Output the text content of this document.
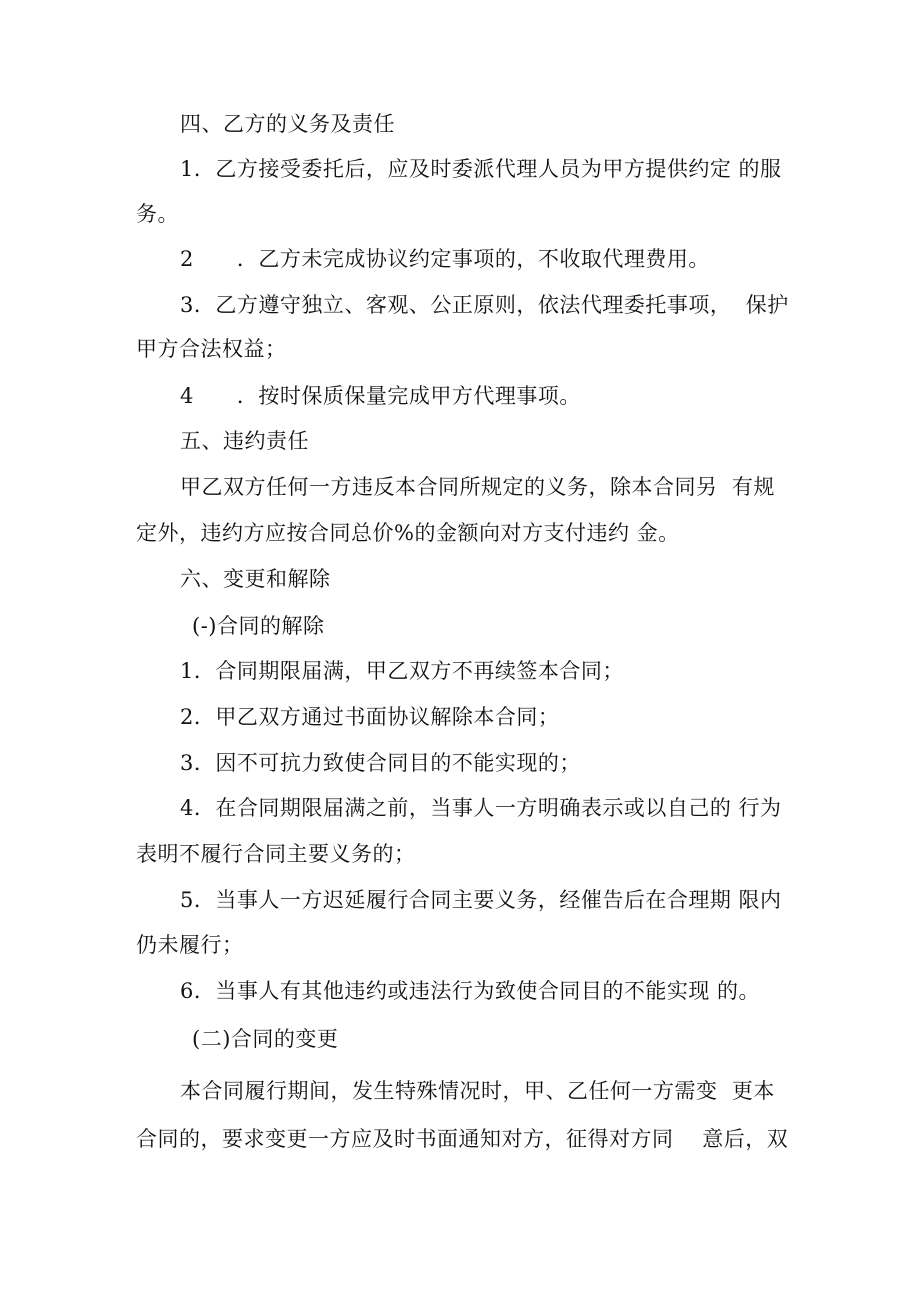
四、乙方的义务及责任
1．乙方接受委托后，应及时委派代理人员为甲方提供约定 的服
务。
2　　．乙方未完成协议约定事项的，不收取代理费用。
3．乙方遵守独立、客观、公正原则，依法代理委托事项，  保护
甲方合法权益；
4　　．按时保质保量完成甲方代理事项。
五、违约责任
甲乙双方任何一方违反本合同所规定的义务，除本合同另  有规
定外，违约方应按合同总价%的金额向对方支付违约 金。
六、变更和解除
(-)合同的解除
1．合同期限届满，甲乙双方不再续签本合同；
2．甲乙双方通过书面协议解除本合同；
3．因不可抗力致使合同目的不能实现的；
4．在合同期限届满之前，当事人一方明确表示或以自己的 行为
表明不履行合同主要义务的；
5．当事人一方迟延履行合同主要义务，经催告后在合理期 限内
仍未履行；
6．当事人有其他违约或违法行为致使合同目的不能实现 的。
(二)合同的变更
本合同履行期间，发生特殊情况时，甲、乙任何一方需变  更本
合同的，要求变更一方应及时书面通知对方，征得对方同    意后，双
